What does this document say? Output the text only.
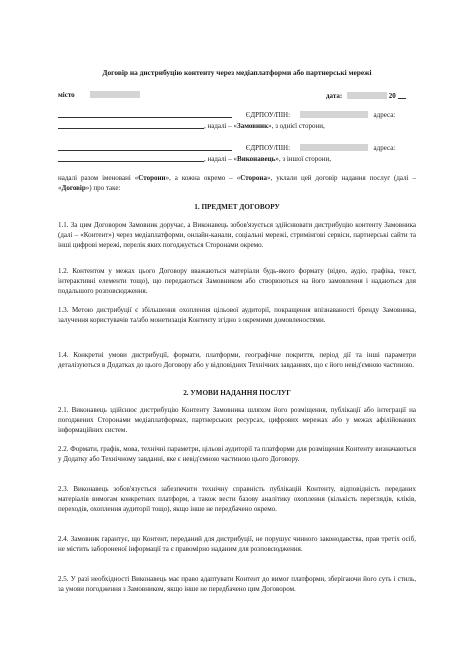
Договір на дистрибуцію контенту через медіаплатформи або партнерські мережі
місто	дата:	20
ЄДРПОУ/ПІН:	адреса:
, надалі – «Замовник», з однієї сторони,
ЄДРПОУ/ПІН:	адреса:
, надалі – «Виконавець», з іншої сторони,

надалі разом іменовані «Сторони», а кожна окремо – «Сторона», уклали цей договір надання послуг (далі – «Договір») про таке:

1. ПРЕДМЕТ ДОГОВОРУ
1.1. За цим Договором Замовник доручає, а Виконавець зобов'язується здійснювати дистрибуцію контенту Замовника (далі – «Контент») через медіаплатформи, онлайн-канали, соціальні мережі, стримінгові сервіси, партнерські сайти та інші цифрові мережі, перелік яких погоджується Сторонами окремо.
1.2. Контентом у межах цього Договору вважаються матеріали будь-якого формату (відео, аудіо, графіка, текст, інтерактивні елементи тощо), що передаються Замовником або створюються на його замовлення і надаються для подальшого розповсюдження.
1.3. Метою дистрибуції є збільшення охоплення цільової аудиторії, покращення впізнаваності бренду Замовника, залучення користувачів та/або монетизація Контенту згідно з окремими домовленостями.
1.4. Конкретні умови дистрибуції, формати, платформи, географічне покриття, період дії та інші параметри деталізуються в Додатках до цього Договору або у відповідних Технічних завданнях, що є його невід'ємною частиною.
2. УМОВИ НАДАННЯ ПОСЛУГ
2.1. Виконавець здійснює дистрибуцію Контенту Замовника шляхом його розміщення, публікації або інтеграції на погоджених Сторонами медіаплатформах, партнерських ресурсах, цифрових мережах або у межах афілійованих інформаційних систем.
2.2. Формати, графік, мова, технічні параметри, цільові аудиторії та платформи для розміщення Контенту визначаються у Додатку або Технічному завданні, яке є невід'ємною частиною цього Договору.
2.3. Виконавець зобов'язується забезпечити технічну справність публікацій Контенту, відповідність переданих матеріалів вимогам конкретних платформ, а також вести базову аналітику охоплення (кількість переглядів, кліків, переходів, охоплення аудиторії тощо), якщо інше не передбачено окремо.
2.4. Замовник гарантує, що Контент, переданий для дистрибуції, не порушує чинного законодавства, прав третіх осіб, не містить забороненої інформації та є правомірно наданим для розповсюдження.
2.5. У разі необхідності Виконавець має право адаптувати Контент до вимог платформи, зберігаючи його суть і стиль, за умови погодження з Замовником, якщо інше не передбачено цим Договором.
